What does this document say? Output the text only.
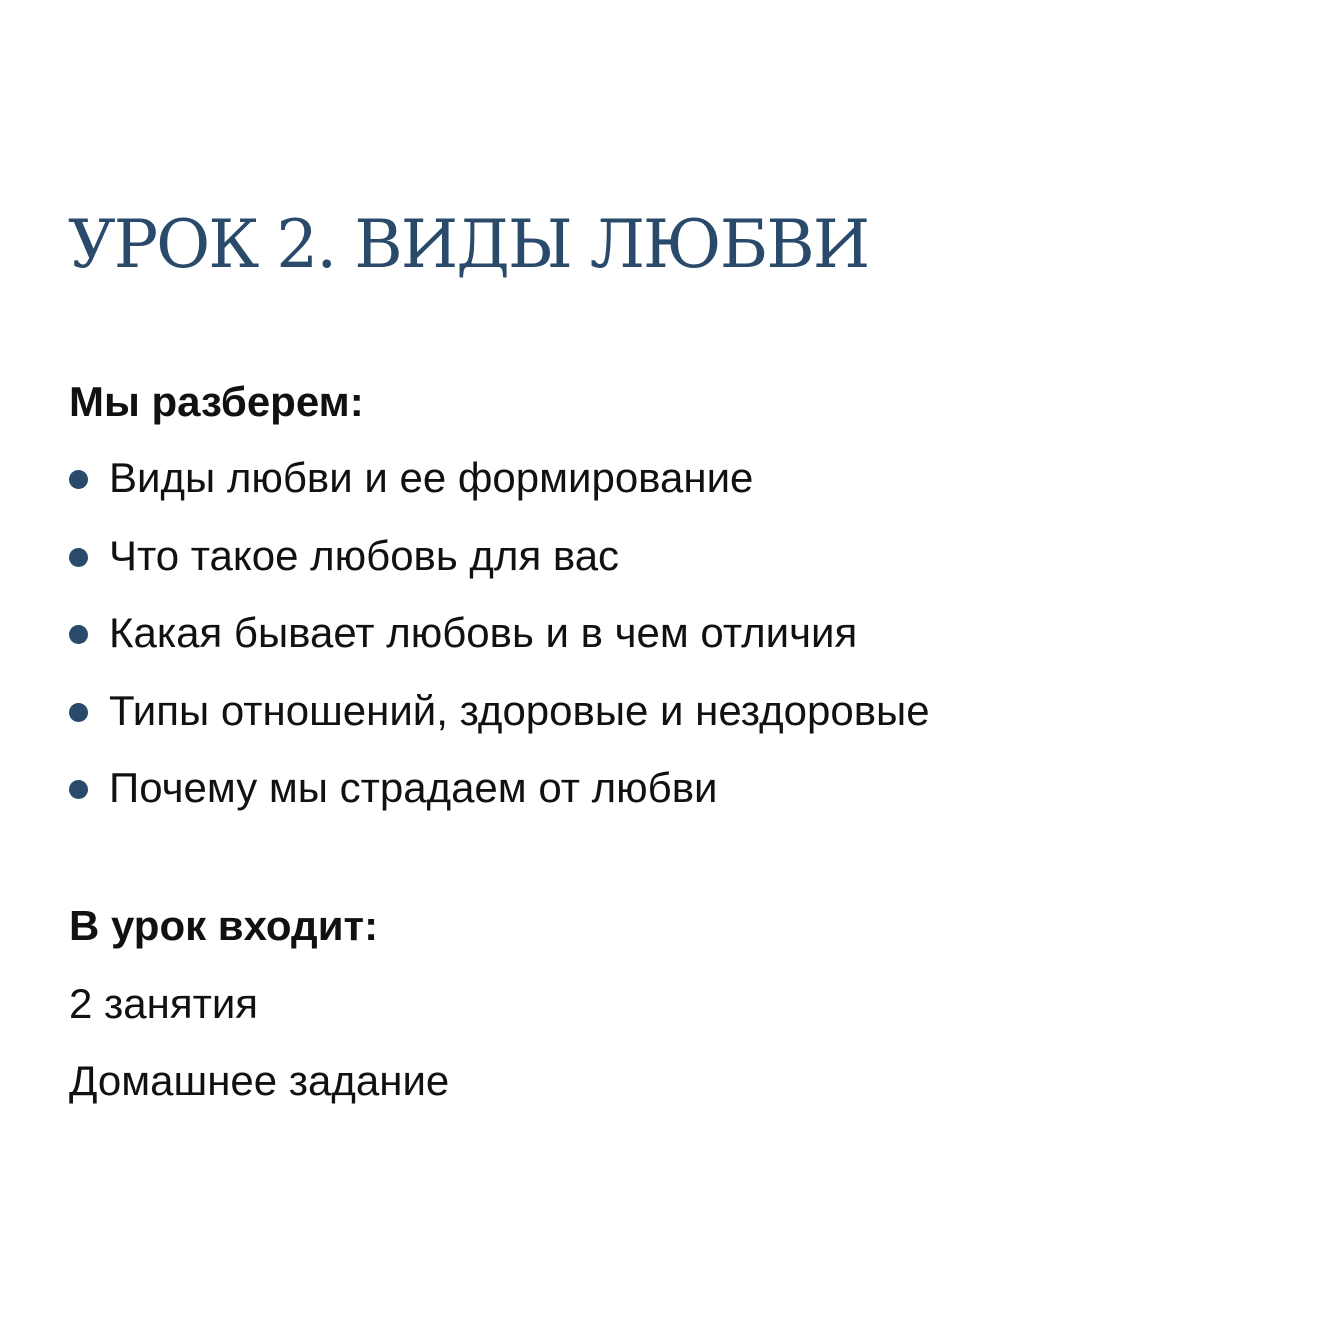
УРОК 2. ВИДЫ ЛЮБВИ
Мы разберем:
Виды любви и ее формирование
Что такое любовь для вас
Какая бывает любовь и в чем отличия
Типы отношений, здоровые и нездоровые
Почему мы страдаем от любви
В урок входит:
2 занятия
Домашнее задание
